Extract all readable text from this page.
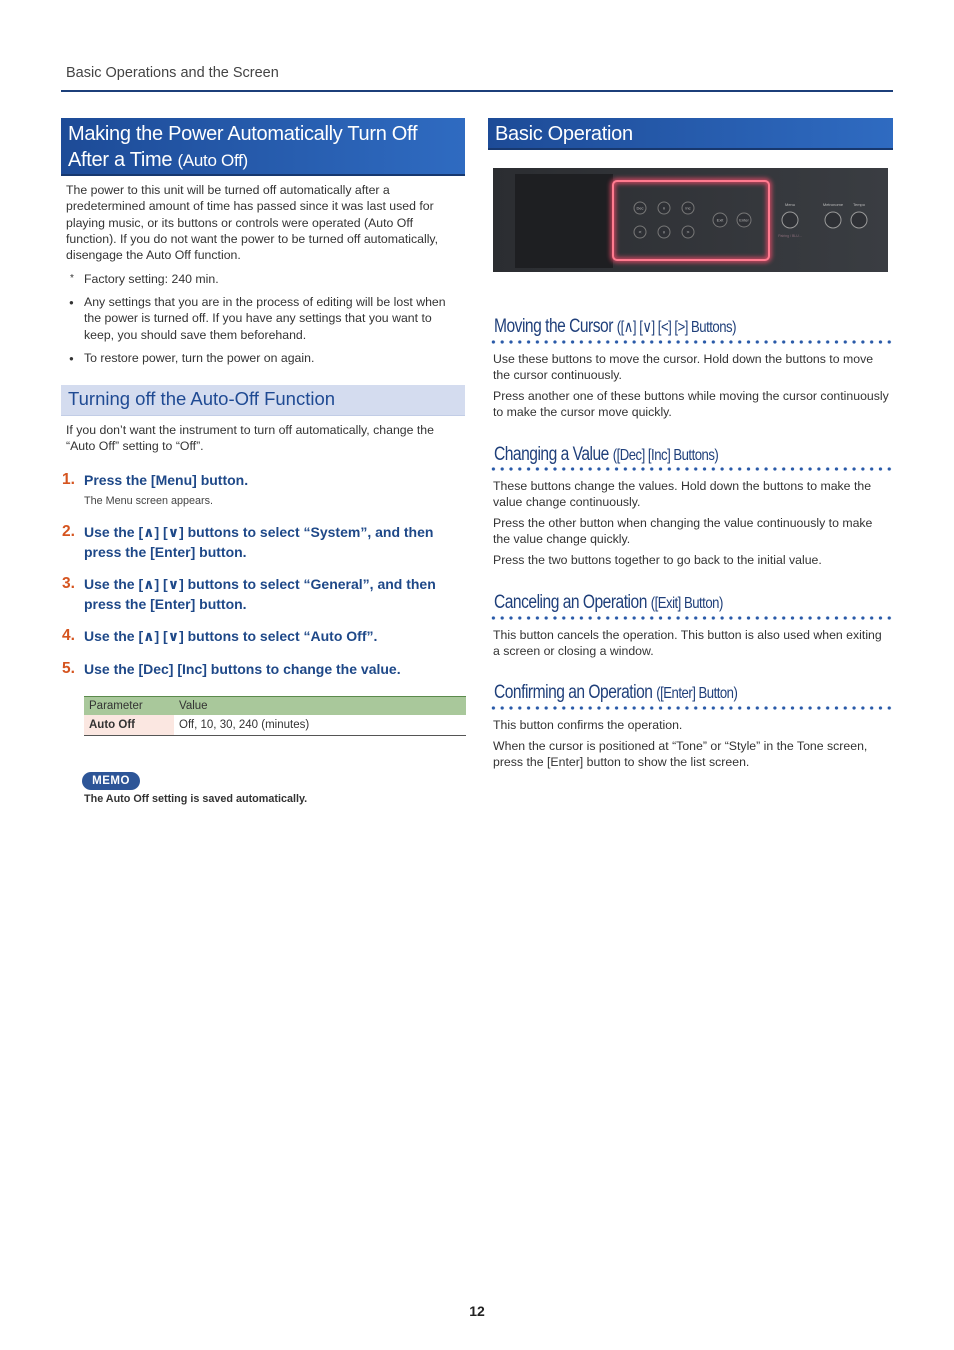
Basic Operations and the Screen
Making the Power Automatically Turn Off
After a Time (Auto Off)

The power to this unit will be turned off automatically after a predetermined amount of time has passed since it was last used for playing music, or its buttons or controls were operated (Auto Off function). If you do not want the power to be turned off automatically, disengage the Auto Off function.

* Factory setting: 240 min.
● Any settings that you are in the process of editing will be lost when the power is turned off. If you have any settings that you want to keep, you should save them beforehand.
● To restore power, turn the power on again.
Turning off the Auto-Off Function

If you don’t want the instrument to turn off automatically, change the “Auto Off” setting to “Off”.

1. Press the [Menu] button.
The Menu screen appears.
2. Use the [∧] [∨] buttons to select “System”, and then press the [Enter] button.
3. Use the [∧] [∨] buttons to select “General”, and then press the [Enter] button.
4. Use the [∧] [∨] buttons to select “Auto Off”.
5. Use the [Dec] [Inc] buttons to change the value.
Parameter	Value
Auto Off	Off, 10, 30, 240 (minutes)
MEMO
The Auto Off setting is saved automatically.
Basic Operation
Dec	∧	Inc
<	∨	>
Exit	Enter
Menu
Pairing / BLU...
Metronome Tempo
Moving the Cursor ([∧] [∨] [<] [>] Buttons)

Use these buttons to move the cursor. Hold down the buttons to move the cursor continuously.

Press another one of these buttons while moving the cursor continuously to make the cursor move quickly.

Changing a Value ([Dec] [Inc] Buttons)

These buttons change the values. Hold down the buttons to make the value change continuously.

Press the other button when changing the value continuously to make the value change quickly.

Press the two buttons together to go back to the initial value.

Canceling an Operation ([Exit] Button)

This button cancels the operation. This button is also used when exiting a screen or closing a window.

Confirming an Operation ([Enter] Button)

This button confirms the operation.

When the cursor is positioned at “Tone” or “Style” in the Tone screen, press the [Enter] button to show the list screen.

12
